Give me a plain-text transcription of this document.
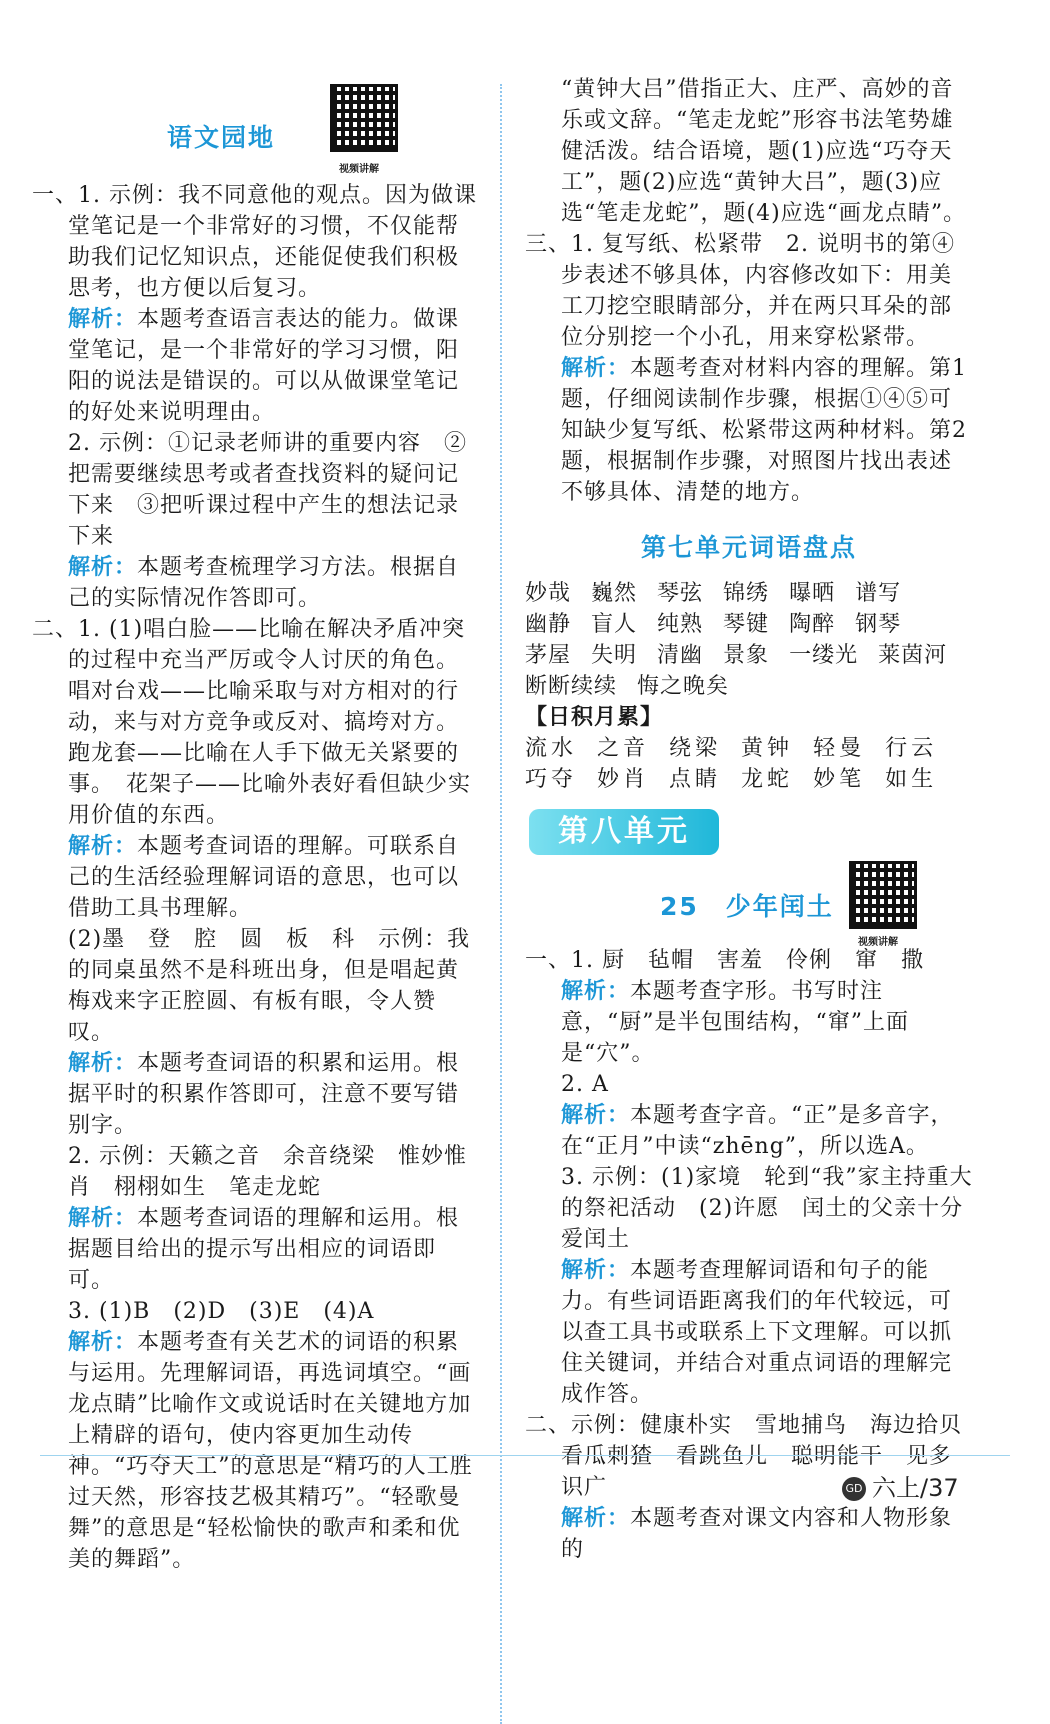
语文园地
视频讲解

一、1. 示例：我不同意他的观点。因为做课堂笔记是一个非常好的习惯，不仅能帮助我们记忆知识点，还能促使我们积极思考，也方便以后复习。

解析：本题考查语言表达的能力。做课堂笔记，是一个非常好的学习习惯，阳阳的说法是错误的。可以从做课堂笔记的好处来说明理由。

2. 示例：①记录老师讲的重要内容　②把需要继续思考或者查找资料的疑问记下来　③把听课过程中产生的想法记录下来

解析：本题考查梳理学习方法。根据自己的实际情况作答即可。

二、1. (1)唱白脸——比喻在解决矛盾冲突的过程中充当严厉或令人讨厌的角色。

唱对台戏——比喻采取与对方相对的行动，来与对方竞争或反对、搞垮对方。

跑龙套——比喻在人手下做无关紧要的事。　花架子——比喻外表好看但缺少实用价值的东西。

解析：本题考查词语的理解。可联系自己的生活经验理解词语的意思，也可以借助工具书理解。

(2)墨　登　腔　圆　板　科　示例：我的同桌虽然不是科班出身，但是唱起黄梅戏来字正腔圆、有板有眼，令人赞叹。

解析：本题考查词语的积累和运用。根据平时的积累作答即可，注意不要写错别字。

2. 示例：天籁之音　余音绕梁　惟妙惟肖　栩栩如生　笔走龙蛇

解析：本题考查词语的理解和运用。根据题目给出的提示写出相应的词语即可。

3. (1)B　(2)D　(3)E　(4)A

解析：本题考查有关艺术的词语的积累与运用。先理解词语，再选词填空。“画龙点睛”比喻作文或说话时在关键地方加上精辟的语句，使内容更加生动传神。“巧夺天工”的意思是“精巧的人工胜过天然，形容技艺极其精巧”。“轻歌曼舞”的意思是“轻松愉快的歌声和柔和优美的舞蹈”。

“黄钟大吕”借指正大、庄严、高妙的音乐或文辞。“笔走龙蛇”形容书法笔势雄健活泼。结合语境，题(1)应选“巧夺天工”，题(2)应选“黄钟大吕”，题(3)应选“笔走龙蛇”，题(4)应选“画龙点睛”。

三、1. 复写纸、松紧带　2. 说明书的第④步表述不够具体，内容修改如下：用美工刀挖空眼睛部分，并在两只耳朵的部位分别挖一个小孔，用来穿松紧带。

解析：本题考查对材料内容的理解。第1题，仔细阅读制作步骤，根据①④⑤可知缺少复写纸、松紧带这两种材料。第2题，根据制作步骤，对照图片找出表述不够具体、清楚的地方。

第七单元词语盘点
妙哉 巍然 琴弦 锦绣 曝晒 谱写幽静 盲人 纯熟 琴键 陶醉 钢琴茅屋 失明 清幽 景象 一缕光 莱茵河断断续续 悔之晚矣

【日积月累】

流水 之音 绕梁 黄钟 轻曼 行云
巧夺 妙肖 点睛 龙蛇 妙笔 如生
第八单元
25　少年闰土
视频讲解

一、1. 厨　毡帽　害羞　伶俐　窜　撒

解析：本题考查字形。书写时注意，“厨”是半包围结构，“窜”上面是“穴”。

2. A

解析：本题考查字音。“正”是多音字，在“正月”中读“zhēng”，所以选A。

3. 示例：(1)家境　轮到“我”家主持重大的祭祀活动　(2)许愿　闰土的父亲十分爱闰土

解析：本题考查理解词语和句子的能力。有些词语距离我们的年代较远，可以查工具书或联系上下文理解。可以抓住关键词，并结合对重点词语的理解完成作答。

二、示例：健康朴实　雪地捕鸟　海边拾贝　看瓜刺猹　看跳鱼儿　聪明能干　见多识广

解析：本题考查对课文内容和人物形象的

GD 六上/37
